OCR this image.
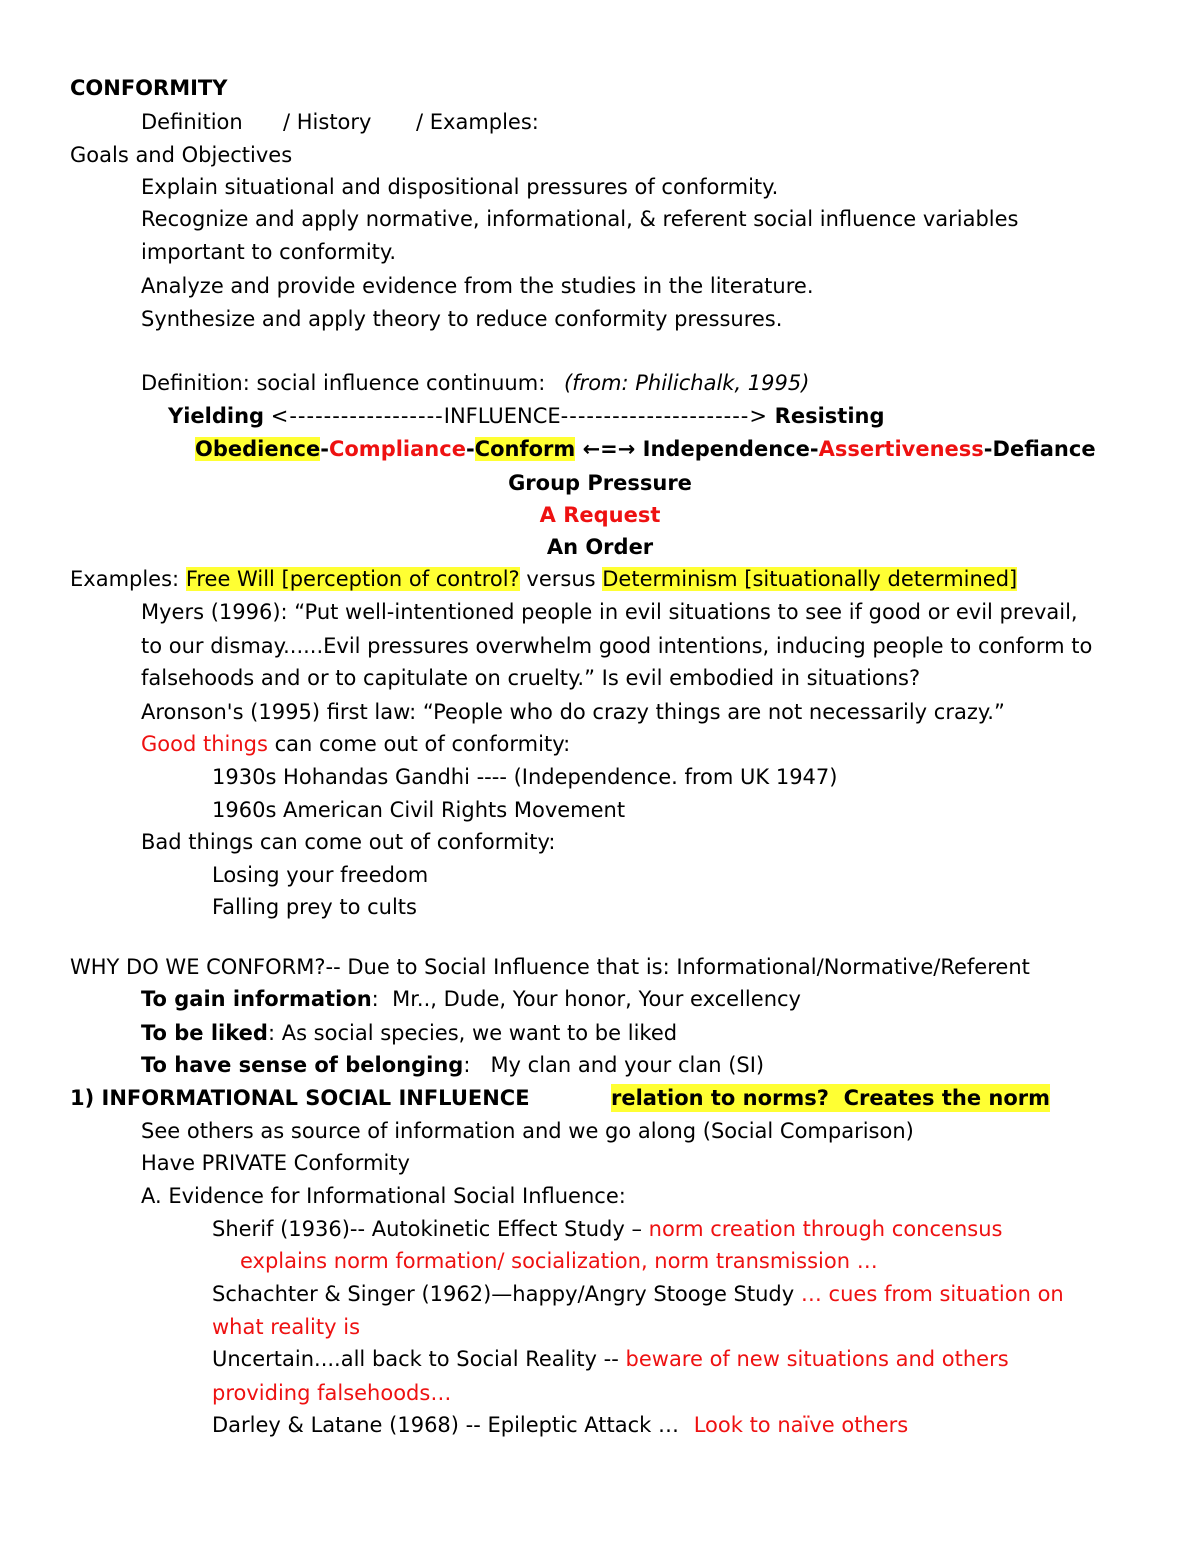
CONFORMITY
Definition / History / Examples:
Goals and Objectives
Explain situational and dispositional pressures of conformity.
Recognize and apply normative, informational, & referent social influence variables
important to conformity.
Analyze and provide evidence from the studies in the literature.
Synthesize and apply theory to reduce conformity pressures.
Definition: social influence continuum: (from: Philichalk, 1995)
Yielding <------------------INFLUENCE----------------------> Resisting
Obedience-Compliance-Conform ←=→ Independence-Assertiveness-Defiance
Group Pressure
A Request
An Order
Examples: Free Will [perception of control? versus Determinism [situationally determined]
Myers (1996): “Put well-intentioned people in evil situations to see if good or evil prevail,
to our dismay......Evil pressures overwhelm good intentions, inducing people to conform to
falsehoods and or to capitulate on cruelty.” Is evil embodied in situations?
Aronson's (1995) first law: “People who do crazy things are not necessarily crazy.”
Good things can come out of conformity:
1930s Hohandas Gandhi ---- (Independence. from UK 1947)
1960s American Civil Rights Movement
Bad things can come out of conformity:
Losing your freedom
Falling prey to cults
WHY DO WE CONFORM?-- Due to Social Influence that is: Informational/Normative/Referent
To gain information: Mr.., Dude, Your honor, Your excellency
To be liked: As social species, we want to be liked
To have sense of belonging: My clan and your clan (SI)
1) INFORMATIONAL SOCIAL INFLUENCE	relation to norms?  Creates the norm
See others as source of information and we go along (Social Comparison)
Have PRIVATE Conformity
A. Evidence for Informational Social Influence:
Sherif (1936)-- Autokinetic Effect Study – norm creation through concensus
explains norm formation/ socialization, norm transmission …
Schachter & Singer (1962)—happy/Angry Stooge Study … cues from situation on
what reality is
Uncertain....all back to Social Reality -- beware of new situations and others
providing falsehoods…
Darley & Latane (1968) -- Epileptic Attack … Look to naïve others
